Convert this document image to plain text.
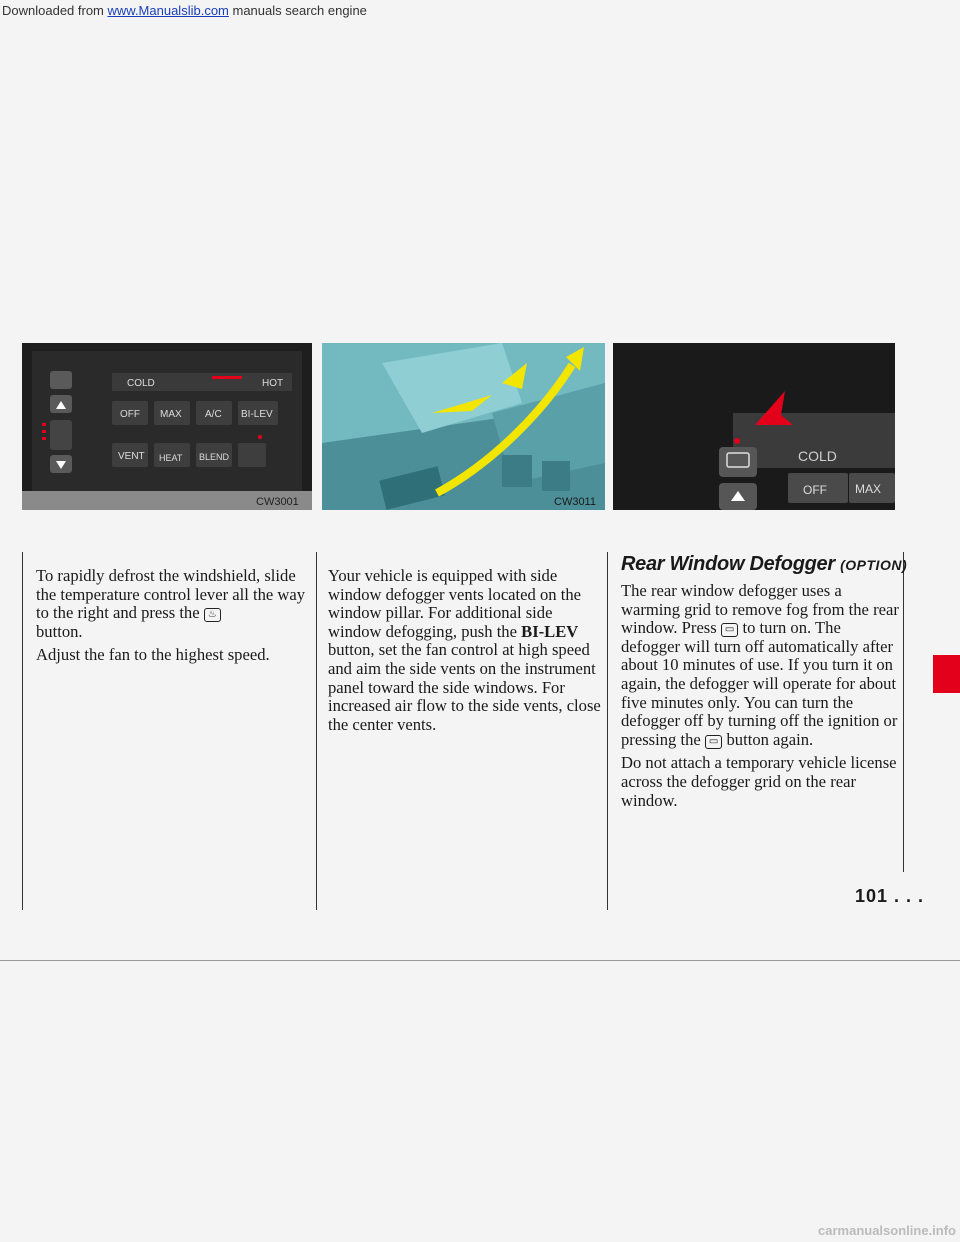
Downloaded from www.Manualslib.com manuals search engine
COLD	HOT
OFF MAX A/C BI-LEV
VENT HEAT BLEND
CW3001	CW3011
COLD
OFF MAX

To rapidly defrost the windshield, slide the temperature control lever all the way to the right and press the ♨
button.

Adjust the fan to the highest speed.

Your vehicle is equipped with side window defogger vents located on the window pillar. For additional side window defogging, push the BI-LEV button, set the fan control at high speed and aim the side vents on the instrument panel toward the side windows. For increased air flow to the side vents, close the center vents.

Rear Window Defogger (OPTION)

The rear window defogger uses a warming grid to remove fog from the rear window. Press ▭ to turn on. The defogger will turn off automatically after about 10 minutes of use. If you turn it on again, the defogger will operate for about five minutes only. You can turn the defogger off by turning off the ignition or pressing the ▭ button again.

Do not attach a temporary vehicle license across the defogger grid on the rear window.

101 . . .
carmanualsonline.info
